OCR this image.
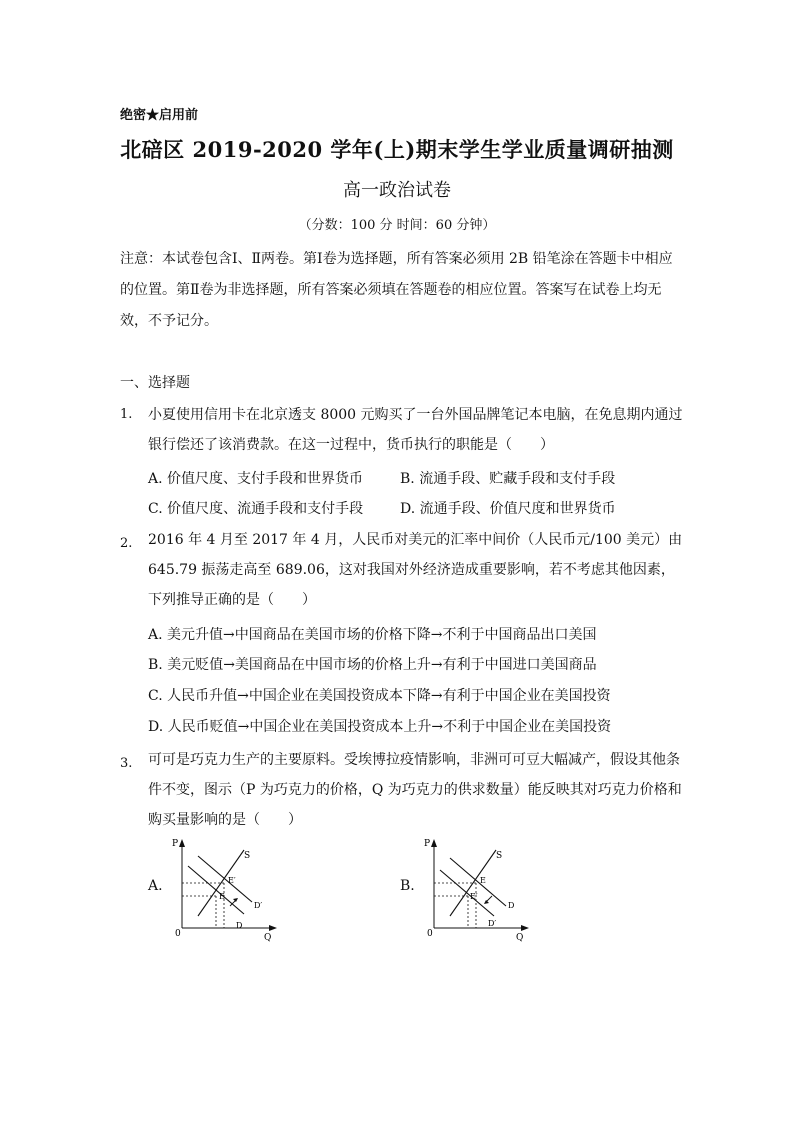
绝密★启用前
北碚区 2019-2020 学年(上)期末学生学业质量调研抽测
高一政治试卷
（分数：100 分 时间：60 分钟）
注意：本试卷包含Ⅰ、Ⅱ两卷。第Ⅰ卷为选择题，所有答案必须用 2B 铅笔涂在答题卡中相应的位置。第Ⅱ卷为非选择题，所有答案必须填在答题卷的相应位置。答案写在试卷上均无效，不予记分。
一、选择题
1. 小夏使用信用卡在北京透支 8000 元购买了一台外国品牌笔记本电脑，在免息期内通过银行偿还了该消费款。在这一过程中，货币执行的职能是（　　）
A. 价值尺度、支付手段和世界货币	B. 流通手段、贮藏手段和支付手段
C. 价值尺度、流通手段和支付手段	D. 流通手段、价值尺度和世界货币
2. 2016 年 4 月至 2017 年 4 月，人民币对美元的汇率中间价（人民币元/100 美元）由 645.79 振荡走高至 689.06，这对我国对外经济造成重要影响，若不考虑其他因素，下列推导正确的是（　　）
A. 美元升值→中国商品在美国市场的价格下降→不利于中国商品出口美国
B. 美元贬值→美国商品在中国市场的价格上升→有利于中国进口美国商品
C. 人民币升值→中国企业在美国投资成本下降→有利于中国企业在美国投资
D. 人民币贬值→中国企业在美国投资成本上升→不利于中国企业在美国投资
3. 可可是巧克力生产的主要原料。受埃博拉疫情影响，非洲可可豆大幅减产，假设其他条件不变，图示（P 为巧克力的价格，Q 为巧克力的供求数量）能反映其对巧克力价格和购买量影响的是（　　）
A.
P
Q
0
S
D
D′
E′
E
B.
P
Q
0
S
D
D′
E
E′
